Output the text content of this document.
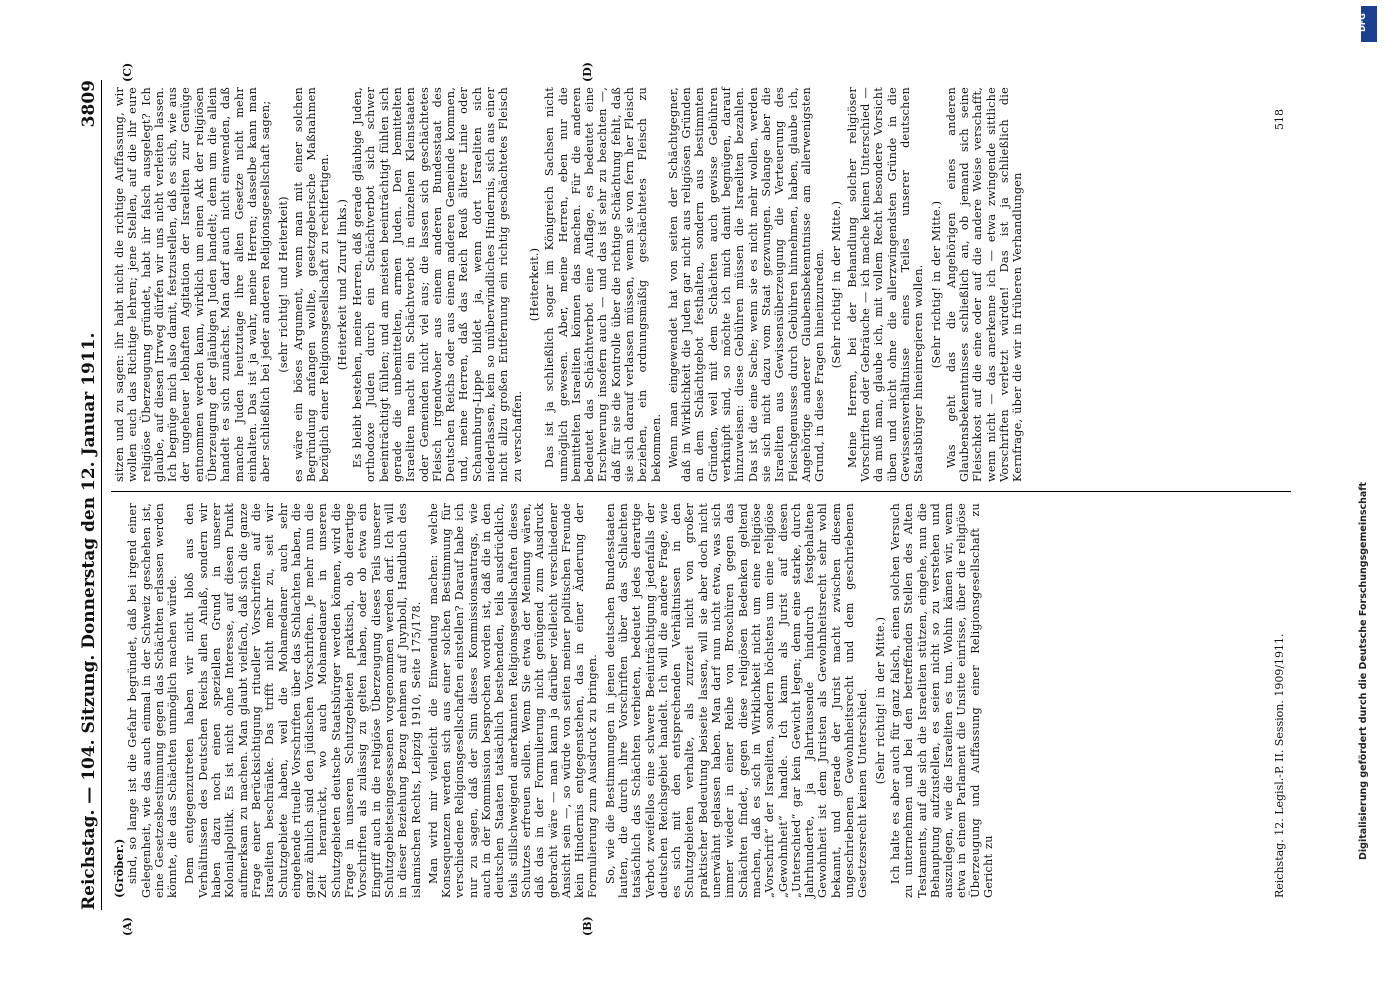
DFG
Digitalisierung gefördert durch die Deutsche Forschungsgemeinschaft
Reichstag. — 104. Sitzung. Donnerstag den 12. Januar 1911.
3809
(A)	(B)
(C)	(D)
(Gröber.) sind, so lange ist die Gefahr begründet, daß bei irgend einer Gelegenheit, wie das auch einmal in der Schweiz geschehen ist, eine Gesetzesbestimmung gegen das Schächten erlassen werden könnte, die das Schächten unmöglich machen würde. Dem entgegenzutreten haben wir nicht bloß aus den Verhältnissen des Deutschen Reichs allen Anlaß, sondern wir haben dazu noch einen speziellen Grund in unserer Kolonialpolitik. Es ist nicht ohne Interesse, auf diesen Punkt aufmerksam zu machen. Man glaubt vielfach, daß sich die ganze Frage einer Berücksichtigung ritueller Vorschriften auf die Israeliten beschränke. Das trifft nicht mehr zu, seit wir Schutzgebiete haben, weil die Mohamedaner auch sehr eingehende rituelle Vorschriften über das Schlachten haben, die ganz ähnlich sind den jüdischen Vorschriften. Je mehr nun die Zeit heranrückt, wo auch Mohamedaner in unseren Schutzgebieten deutsche Staatsbürger werden können, wird die Frage in unseren Schutzgebieten praktisch, ob derartige Vorschriften als zulässig zu gelten haben, oder ob etwa ein Eingriff auch in die religiöse Überzeugung dieses Teils unserer Schutzgebietseingesessenen vorgenommen werden darf. Ich will in dieser Beziehung Bezug nehmen auf Juynboll, Handbuch des islamischen Rechts, Leipzig 1910, Seite 175/178. Man wird mir vielleicht die Einwendung machen: welche Konsequenzen werden sich aus einer solchen Bestimmung für verschiedene Religionsgesellschaften einstellen? Darauf habe ich nur zu sagen, daß der Sinn dieses Kommissionsantrags, wie auch in der Kommission besprochen worden ist, daß die in den deutschen Staaten tatsächlich bestehenden, teils ausdrücklich, teils stillschweigend anerkannten Religionsgesellschaften dieses Schutzes erfreuen sollen. Wenn Sie etwa der Meinung wären, daß das in der Formulierung nicht genügend zum Ausdruck gebracht wäre — man kann ja darüber vielleicht verschiedener Ansicht sein —, so würde von seiten meiner politischen Freunde kein Hindernis entgegenstehen, das in einer Änderung der Formulierung zum Ausdruck zu bringen. So, wie die Bestimmungen in jenen deutschen Bundesstaaten lauten, die durch ihre Vorschriften über das Schlachten tatsächlich das Schächten verbieten, bedeutet jedes derartige Verbot zweifellos eine schwere Beeinträchtigung jedenfalls der deutschen Reichsgebiet handelt. Ich will die andere Frage, wie es sich mit den entsprechenden Verhältnissen in den Schutzgebieten verhalte, als zurzeit nicht von großer praktischer Bedeutung beiseite lassen, will sie aber doch nicht unerwähnt gelassen haben. Man darf nun nicht etwa, was sich immer wieder in einer Reihe von Broschüren gegen das Schächten findet, gegen diese religiösen Bedenken geltend machen, daß es sich in Wirklichkeit nicht um eine religiöse „Vorschrift“ der Israeliten, sondern höchstens um eine religiöse „Gewohnheit“ handle. Ich kann als Jurist auf diesen „Unterschied“ gar kein Gewicht legen; denn eine starke, durch Jahrhunderte, ja Jahrtausende hindurch festgehaltene Gewohnheit ist dem Juristen als Gewohnheitsrecht sehr wohl bekannt, und gerade der Jurist macht zwischen diesem ungeschriebenen Gewohnheitsrecht und dem geschriebenen Gesetzesrecht keinen Unterschied. (Sehr richtig! in der Mitte.) Ich halte es aber auch für ganz falsch, einen solchen Versuch zu unternehmen und bei den betreffenden Stellen des Alten Testaments, auf die sich die Israeliten stützen, eingehe, nun die Behauptung aufzustellen, es seien nicht so zu verstehen und auszulegen, wie die Israeliten es tun. Wohin kämen wir, wenn etwa in einem Parlament die Unsitte einrisse, über die religiöse Überzeugung und Auffassung einer Religionsgesellschaft zu Gericht zu

sitzen und zu sagen: ihr habt nicht die richtige Auffassung, wir wollen euch das Richtige lehren; jene Stellen, auf die ihr eure religiöse Überzeugung gründet, habt ihr falsch ausgelegt? Ich glaube, auf diesen Irrweg dürfen wir uns nicht verleiten lassen. Ich begnüge mich also damit, festzustellen, daß es sich, wie aus der ungeheuer lebhaften Agitation der Israeliten zur Genüge entnommen werden kann, wirklich um einen Akt der religiösen Überzeugung der gläubigen Juden handelt; denn um die allein handelt es sich zunächst. Man darf auch nicht einwenden, daß manche Juden heutzutage ihre alten Gesetze nicht mehr einhalten. Das ist ja wahr, meine Herren; dasselbe kann man aber schließlich bei jeder anderen Religionsgesellschaft sagen; (sehr richtig! und Heiterkeit) es wäre ein böses Argument, wenn man mit einer solchen Begründung anfangen wollte, gesetzgeberische Maßnahmen bezüglich einer Religionsgesellschaft zu rechtfertigen. (Heiterkeit und Zuruf links.) Es bleibt bestehen, meine Herren, daß gerade gläubige Juden, orthodoxe Juden durch ein Schächtverbot sich schwer beeinträchtigt fühlen; und am meisten beeinträchtigt fühlen sich gerade die unbemittelten, armen Juden. Den bemittelten Israeliten macht ein Schächtverbot in einzelnen Kleinstaaten oder Gemeinden nicht viel aus; die lassen sich geschächtetes Fleisch irgendwoher aus einem anderen Bundesstaat des Deutschen Reichs oder aus einem anderen Gemeinde kommen, und, meine Herren, daß das Reich Reuß ältere Linie oder Schaumburg-Lippe bildet ja, wenn dort Israeliten sich niederlassen, kein so unüberwindliches Hindernis, sich aus einer nicht allzu großen Entfernung ein richtig geschächtetes Fleisch zu verschaffen.

(Heiterkeit.) Das ist ja schließlich sogar im Königreich Sachsen nicht unmöglich gewesen. Aber, meine Herren, eben nur die bemittelten Israeliten können das machen. Für die anderen bedeutet das Schächtverbot eine Auflage, es bedeutet eine Erschwerung insofern auch — und das ist sehr zu beachten —, daß für sie die Kontrolle über die richtige Schächtung fehlt, daß sie sich darauf verlassen müssen, wenn sie von fern her Fleisch beziehen, ein ordnungsmäßig geschächtetes Fleisch zu bekommen. Wenn man eingewendet hat von seiten der Schächtgegner, daß in Wirklichkeit die Juden gar nicht aus religiösen Gründen an dem Schächtgebot festhalten, sondern aus bestimmten Gründen, weil mit dem Schächten auch gewisse Gebühren verknüpft sind, so möchte ich mich damit begnügen, darauf hinzuweisen: diese Gebühren müssen die Israeliten bezahlen. Das ist die eine Sache; wenn sie es nicht mehr wollen, werden sie sich nicht dazu vom Staat gezwungen. Solange aber die Israeliten aus Gewissensüberzeugung die Verteuerung des Fleischgenusses durch Gebühren hinnehmen, haben, glaube ich, Angehörige anderer Glaubensbekenntnisse am allerwenigsten Grund, in diese Fragen hineinzureden. (Sehr richtig! in der Mitte.) Meine Herren, bei der Behandlung solcher religiöser Vorschriften oder Gebräuche — ich mache keinen Unterschied — da muß man, glaube ich, mit vollem Recht besondere Vorsicht üben und nicht ohne die allerzwingendsten Gründe in die Gewissensverhältnisse eines Teiles unserer deutschen Staatsbürger hineinregieren wollen. (Sehr richtig! in der Mitte.) Was geht das die Angehörigen eines anderen Glaubensbekenntnisses schließlich an, ob jemand sich seine Fleischkost auf die eine oder auf die andere Weise verschafft, wenn nicht — das anerkenne ich — etwa zwingende sittliche Vorschriften verletzt würden! Das ist ja schließlich die Kernfrage, über die wir in früheren Verhandlungen

Reichstag. 12. Legisl.-P. II. Session. 1909/1911.
518
